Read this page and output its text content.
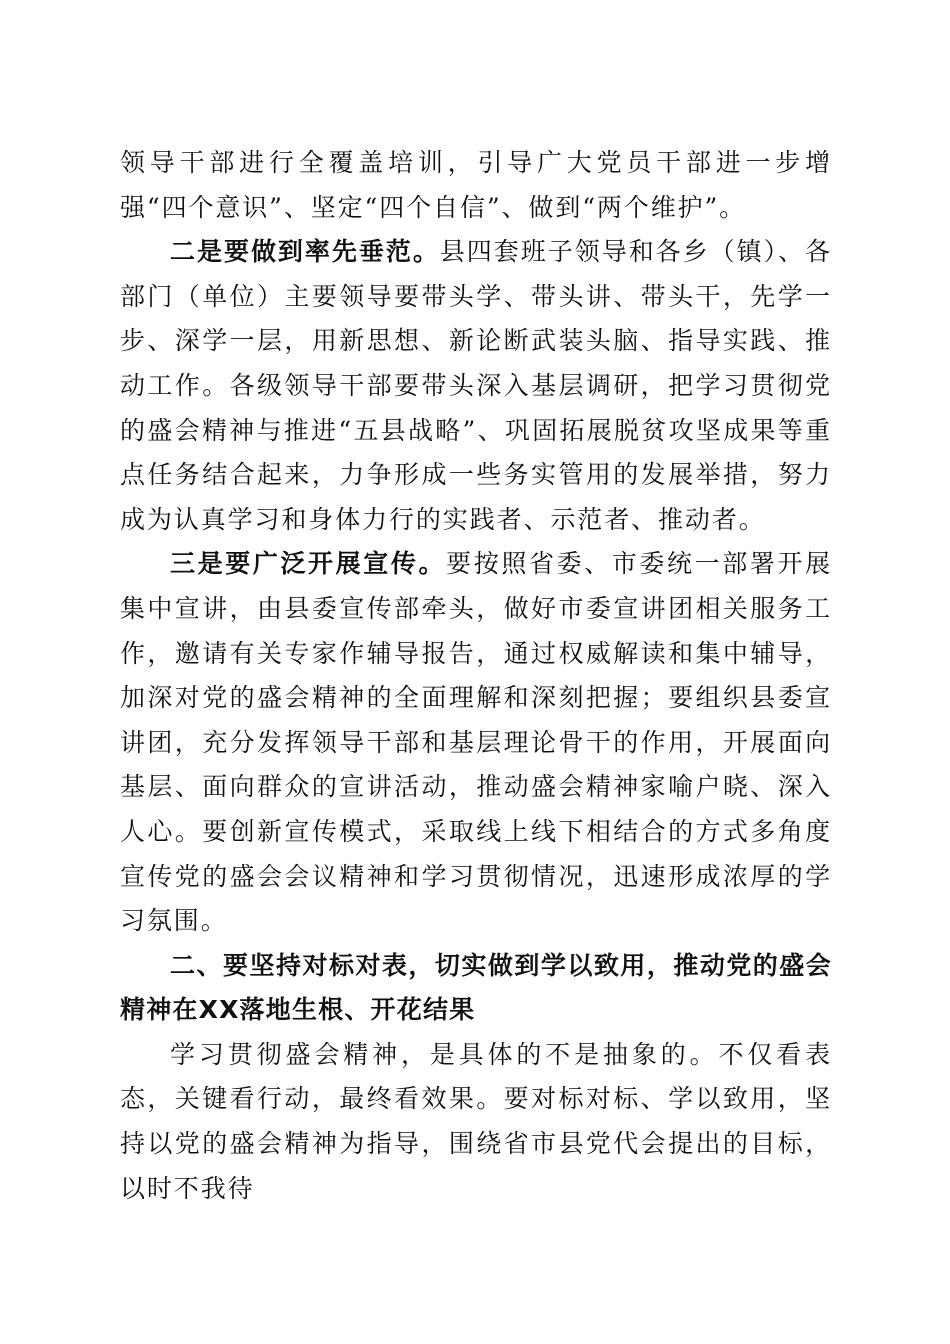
领导干部进行全覆盖培训，引导广大党员干部进一步增强“四个意识”、坚定“四个自信”、做到“两个维护”。

二是要做到率先垂范。县四套班子领导和各乡（镇）、各部门（单位）主要领导要带头学、带头讲、带头干，先学一步、深学一层，用新思想、新论断武装头脑、指导实践、推动工作。各级领导干部要带头深入基层调研，把学习贯彻党的盛会精神与推进“五县战略”、巩固拓展脱贫攻坚成果等重点任务结合起来，力争形成一些务实管用的发展举措，努力成为认真学习和身体力行的实践者、示范者、推动者。

三是要广泛开展宣传。要按照省委、市委统一部署开展集中宣讲，由县委宣传部牵头，做好市委宣讲团相关服务工作，邀请有关专家作辅导报告，通过权威解读和集中辅导，加深对党的盛会精神的全面理解和深刻把握；要组织县委宣讲团，充分发挥领导干部和基层理论骨干的作用，开展面向基层、面向群众的宣讲活动，推动盛会精神家喻户晓、深入人心。要创新宣传模式，采取线上线下相结合的方式多角度宣传党的盛会会议精神和学习贯彻情况，迅速形成浓厚的学习氛围。

二、要坚持对标对表，切实做到学以致用，推动党的盛会精神在XX落地生根、开花结果

学习贯彻盛会精神，是具体的不是抽象的。不仅看表态，关键看行动，最终看效果。要对标对标、学以致用，坚持以党的盛会精神为指导，围绕省市县党代会提出的目标，以时不我待
